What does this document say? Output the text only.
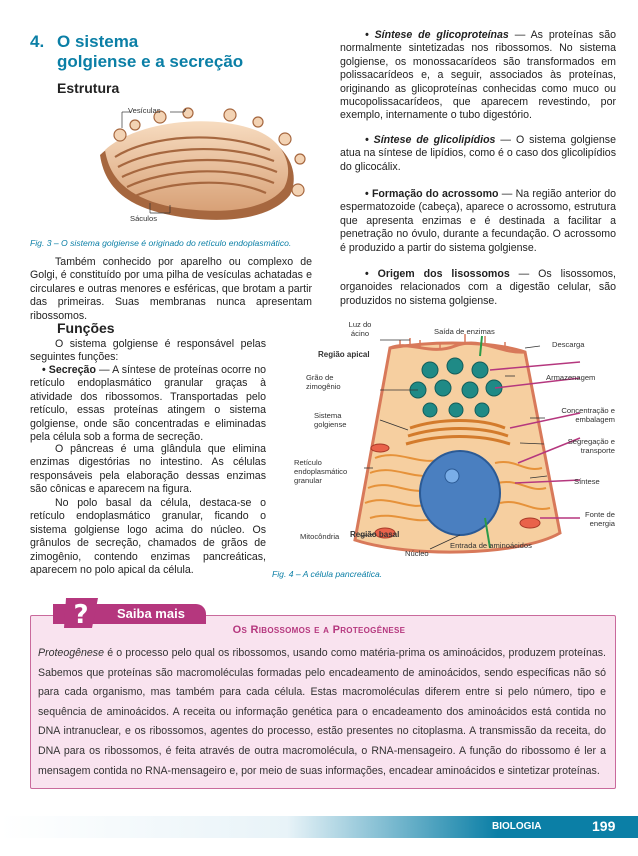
4. O sistema
golgiense e a secreção
Estrutura
Vesículas
Sáculos
Fig. 3 – O sistema golgiense é originado do retículo endoplasmático.
Também conhecido por aparelho ou complexo de Golgi, é constituído por uma pilha de vesículas achatadas e circulares e outras menores e esféricas, que brotam a partir das primeiras. Suas membranas nunca apresentam ribossomos.
Funções
O sistema golgiense é responsável pelas seguintes funções:
• Secreção — A síntese de proteínas ocorre no retículo endoplasmático granular graças à atividade dos ribossomos. Transportadas pelo retículo, essas proteínas atingem o sistema golgiense, onde são concentradas e eliminadas pela célula sob a forma de secreção.
O pâncreas é uma glândula que elimina enzimas digestórias no intestino. As células responsáveis pela elaboração dessas enzimas são cônicas e aparecem na figura.
No polo basal da célula, destaca-se o retículo endoplasmático granular, ficando o sistema golgiense logo acima do núcleo. Os grânulos de secreção, chamados de grãos de zimogênio, contendo enzimas pancreáticas, aparecem no polo apical da célula.
• Síntese de glicoproteínas — As proteínas são normalmente sintetizadas nos ribossomos. No sistema golgiense, os monossacarídeos são transformados em polissacarídeos e, a seguir, associados às proteínas, originando as glicoproteínas conhecidas como muco ou mucopolissacarídeos, que aparecem revestindo, por exemplo, internamente o tubo digestório.
• Síntese de glicolipídios — O sistema golgiense atua na síntese de lipídios, como é o caso dos glicolipídios do glicocálix.
• Formação do acrossomo — Na região anterior do espermatozoide (cabeça), aparece o acrossomo, estrutura que apresenta enzimas e é destinada a facilitar a penetração no óvulo, durante a fecundação. O acrossomo é produzido a partir do sistema golgiense.
• Origem dos lisossomos — Os lisossomos, organoides relacionados com a digestão celular, são produzidos no sistema golgiense.
Luz do ácino	Saída de enzimas
Região apical
Descarga
Grão de zimogênio
Armazenagem
Sistema golgiense
Concentração e embalagem
Segregação e transporte
Retículo endoplasmático granular	Síntese
Fonte de energia
Mitocôndria Região basal
Entrada de aminoácidos
Núcleo
Fig. 4 – A célula pancreática.
Saiba mais
?	Os Ribossomos e a Proteogênese
Proteogênese é o processo pelo qual os ribossomos, usando como matéria-prima os aminoácidos, produzem proteínas. Sabemos que proteínas são macromoléculas formadas pelo encadeamento de aminoácidos, sendo específicas não só para cada organismo, mas também para cada célula. Estas macromoléculas diferem entre si pelo número, tipo e sequência de aminoácidos. A receita ou informação genética para o encadeamento dos aminoácidos está contida no DNA intranuclear, e os ribossomos, agentes do processo, estão presentes no citoplasma. A transmissão da receita, do DNA para os ribossomos, é feita através de outra macromolécula, o RNA-mensageiro. A função do ribossomo é ler a mensagem contida no RNA-mensageiro e, por meio de suas informações, encadear aminoácidos e sintetizar proteínas.
BIOLOGIA	199
